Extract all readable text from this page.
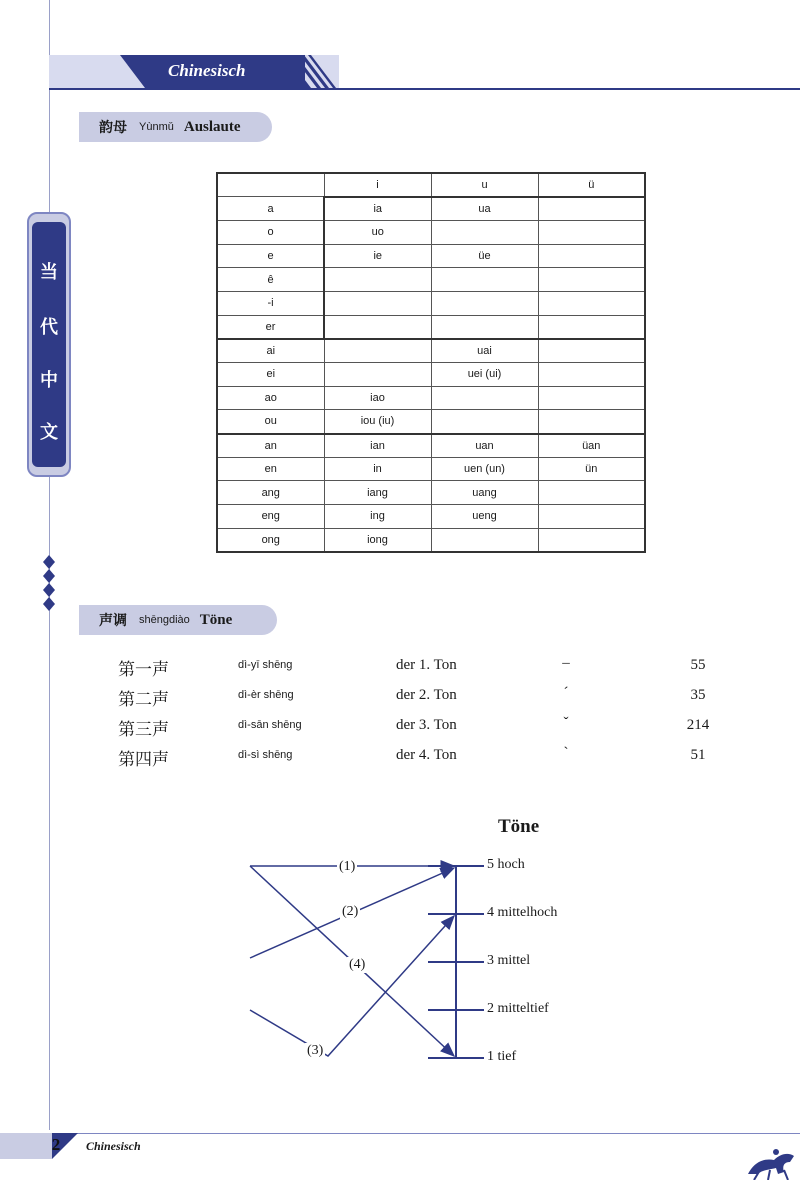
Chinesisch
当
代
中
文
韵母 Yùnmǔ Auslaute
	i	u	ü
a	ia	ua	
o	uo		
e	ie	üe	
ê			
-i			
er			
ai		uai	
ei		uei (ui)	
ao	iao		
ou	iou (iu)		
an	ian	uan	üan
en	in	uen (un)	ün
ang	iang	uang	
eng	ing	ueng	
ong	iong		
声调 shēngdiào Töne
第一声	dì-yī shēng	der 1. Ton	–	55
第二声	dì-èr shēng	der 2. Ton	ˊ	35
第三声	dì-sān shēng	der 3. Ton	ˇ	214
第四声	dì-sì shēng	der 4. Ton	ˋ	51
Töne
(1)
(2)
(3)
(4)
5 hoch
4 mittelhoch
3 mittel
2 mitteltief
1 tief
2	Chinesisch
